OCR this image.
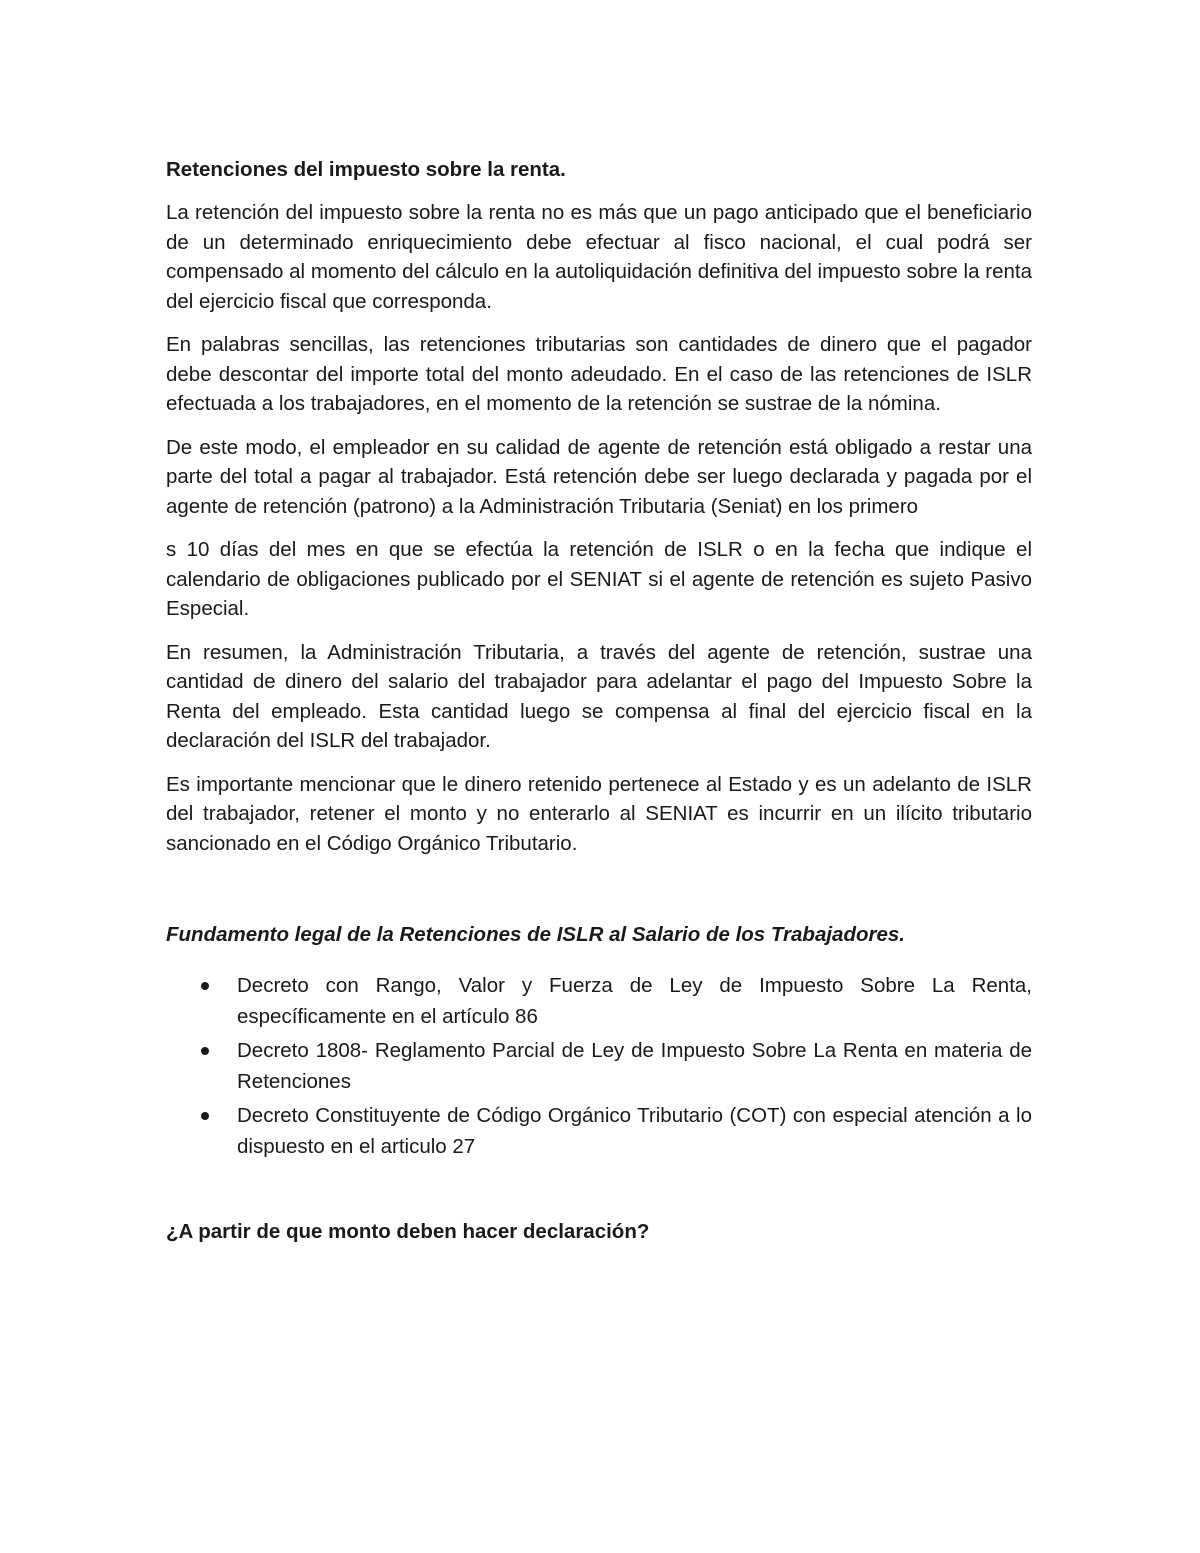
Retenciones del impuesto sobre la renta.

La retención del impuesto sobre la renta no es más que un pago anticipado que el beneficiario de un determinado enriquecimiento debe efectuar al fisco nacional, el cual podrá ser compensado al momento del cálculo en la autoliquidación definitiva del impuesto sobre la renta del ejercicio fiscal que corresponda.

En palabras sencillas, las retenciones tributarias son cantidades de dinero que el pagador debe descontar del importe total del monto adeudado. En el caso de las retenciones de ISLR efectuada a los trabajadores, en el momento de la retención se sustrae de la nómina.

De este modo, el empleador en su calidad de agente de retención está obligado a restar una parte del total a pagar al trabajador. Está retención debe ser luego declarada y pagada por el agente de retención (patrono) a la Administración Tributaria (Seniat) en los primero

s 10 días del mes en que se efectúa la retención de ISLR o en la fecha que indique el calendario de obligaciones publicado por el SENIAT si el agente de retención es sujeto Pasivo Especial.

En resumen, la Administración Tributaria, a través del agente de retención, sustrae una cantidad de dinero del salario del trabajador para adelantar el pago del Impuesto Sobre la Renta del empleado. Esta cantidad luego se compensa al final del ejercicio fiscal en la declaración del ISLR del trabajador.

Es importante mencionar que le dinero retenido pertenece al Estado y es un adelanto de ISLR del trabajador, retener el monto y no enterarlo al SENIAT es incurrir en un ilícito tributario sancionado en el Código Orgánico Tributario.

Fundamento legal de la Retenciones de ISLR al Salario de los Trabajadores.
Decreto con Rango, Valor y Fuerza de Ley de Impuesto Sobre La Renta, específicamente en el artículo 86
Decreto 1808- Reglamento Parcial de Ley de Impuesto Sobre La Renta en materia de Retenciones
Decreto Constituyente de Código Orgánico Tributario (COT) con especial atención a lo dispuesto en el articulo 27
¿A partir de que monto deben hacer declaración?
